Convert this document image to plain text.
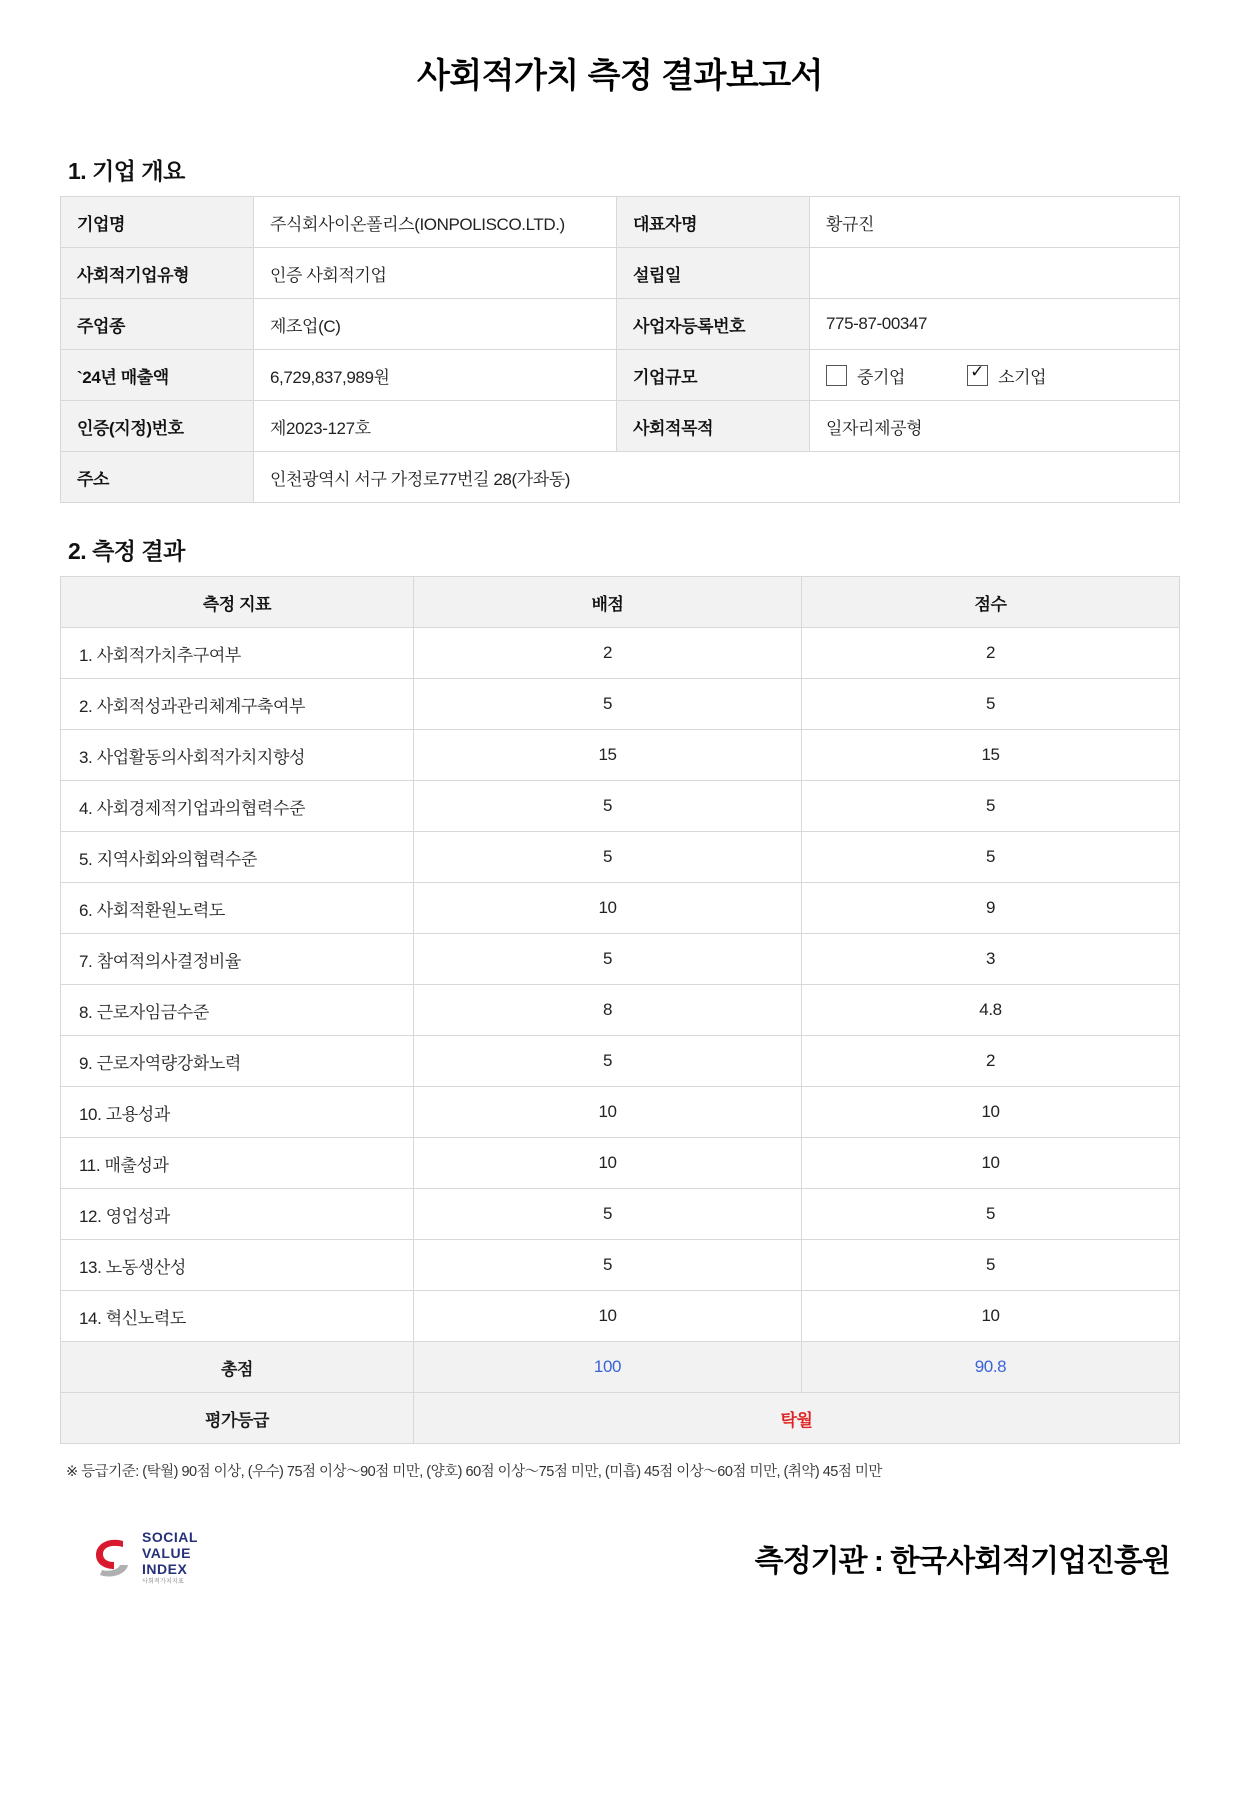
사회적가치 측정 결과보고서
1. 기업 개요
기업명	주식회사이온폴리스(IONPOLISCO.LTD.)	대표자명	황규진
사회적기업유형	인증 사회적기업	설립일	
주업종	제조업(C)	사업자등록번호	775-87-00347
`24년 매출액	6,729,837,989원	기업규모	중기업 ✓ 소기업

인증(지정)번호	제2023-127호	사회적목적	일자리제공형
주소	인천광역시 서구 가정로77번길 28(가좌동)		
2. 측정 결과
측정 지표	배점	점수
1. 사회적가치추구여부	2	2
2. 사회적성과관리체계구축여부	5	5
3. 사업활동의사회적가치지향성	15	15
4. 사회경제적기업과의협력수준	5	5
5. 지역사회와의협력수준	5	5
6. 사회적환원노력도	10	9
7. 참여적의사결정비율	5	3
8. 근로자임금수준	8	4.8
9. 근로자역량강화노력	5	2
10. 고용성과	10	10
11. 매출성과	10	10
12. 영업성과	5	5
13. 노동생산성	5	5
14. 혁신노력도	10	10
총점	100	90.8
평가등급	탁월	

※ 등급기준: (탁월) 90점 이상, (우수) 75점 이상～90점 미만, (양호) 60점 이상～75점 미만, (미흡) 45점 이상～60점 미만, (취약) 45점 미만

SOCIAL
VALUE
INDEX
사회적가치지표
측정기관 : 한국사회적기업진흥원
